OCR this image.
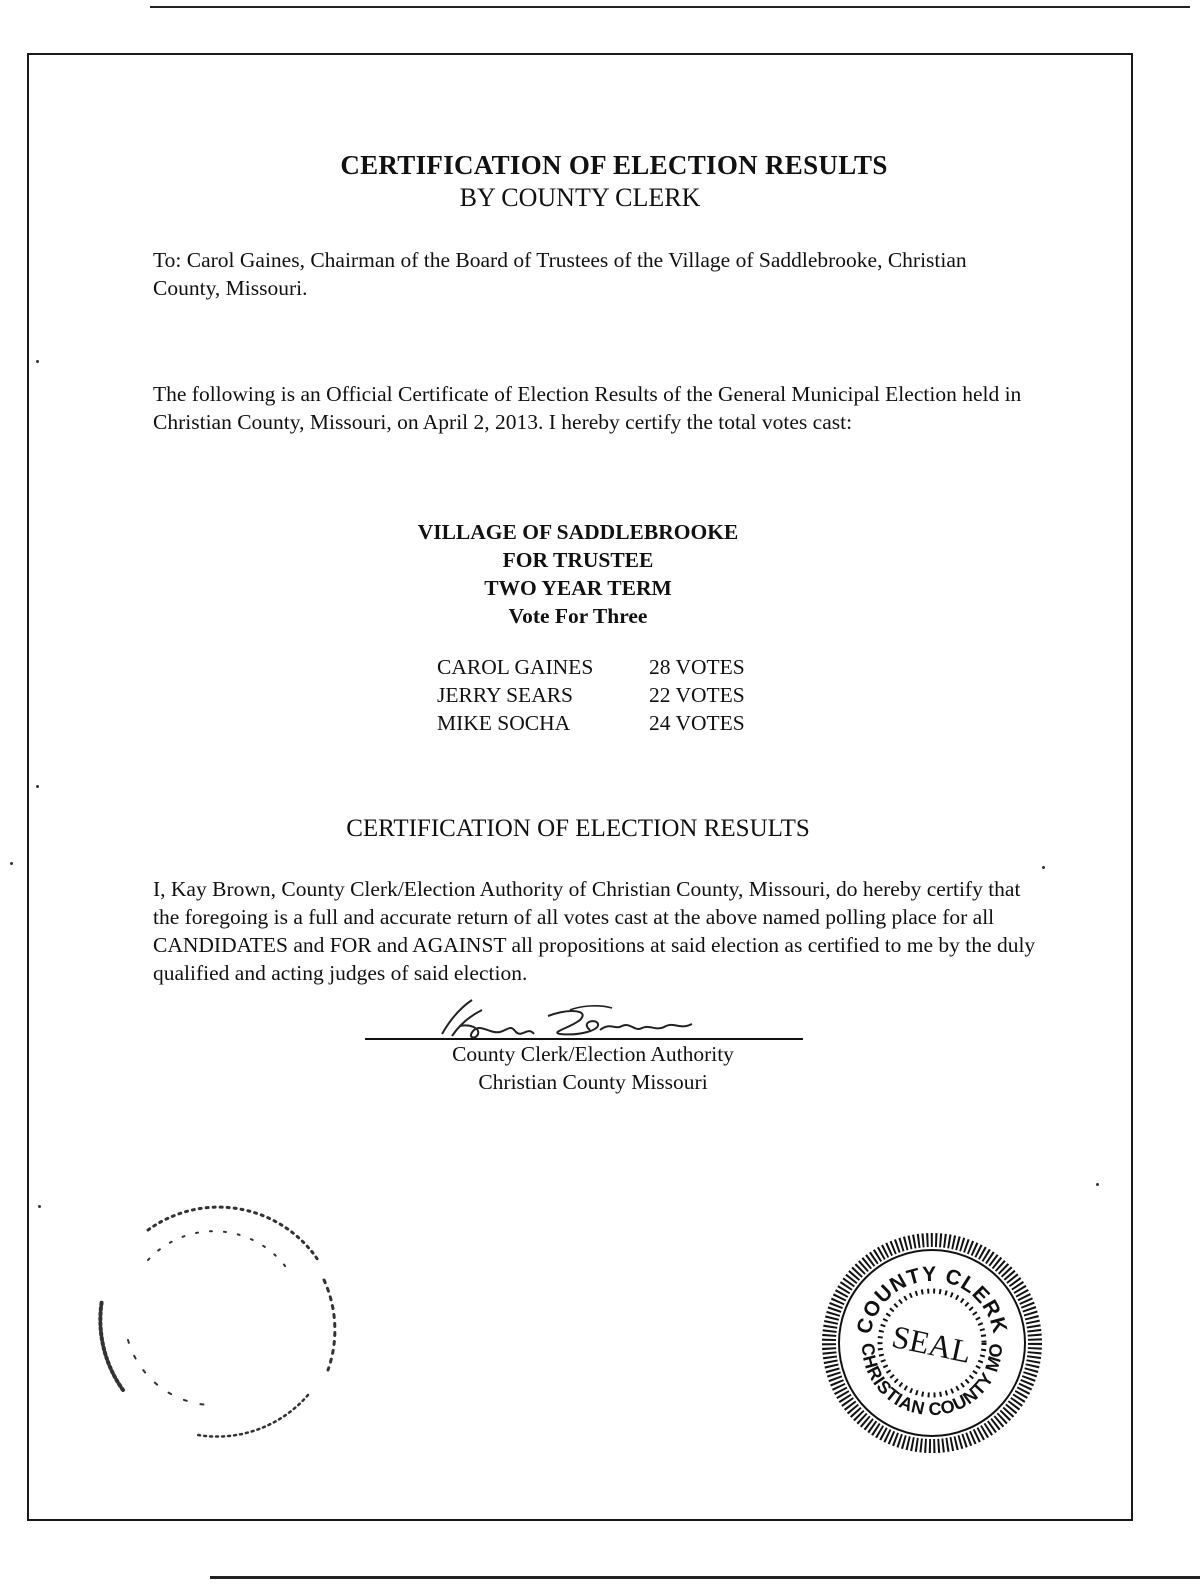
CERTIFICATION OF ELECTION RESULTS
BY COUNTY CLERK
To: Carol Gaines, Chairman of the Board of Trustees of the Village of Saddlebrooke, Christian County, Missouri.
The following is an Official Certificate of Election Results of the General Municipal Election held in Christian County, Missouri, on April 2, 2013. I hereby certify the total votes cast:
VILLAGE OF SADDLEBROOKE
FOR TRUSTEE
TWO YEAR TERM
Vote For Three
CAROL GAINES	28 VOTES
JERRY SEARS	22 VOTES
MIKE SOCHA	24 VOTES
CERTIFICATION OF ELECTION RESULTS
I, Kay Brown, County Clerk/Election Authority of Christian County, Missouri, do hereby certify that the foregoing is a full and accurate return of all votes cast at the above named polling place for all CANDIDATES and FOR and AGAINST all propositions at said election as certified to me by the duly qualified and acting judges of said election.
County Clerk/Election Authority
Christian County Missouri
COUNTY CLERK
CHRISTIAN COUNTY MO
SEAL
